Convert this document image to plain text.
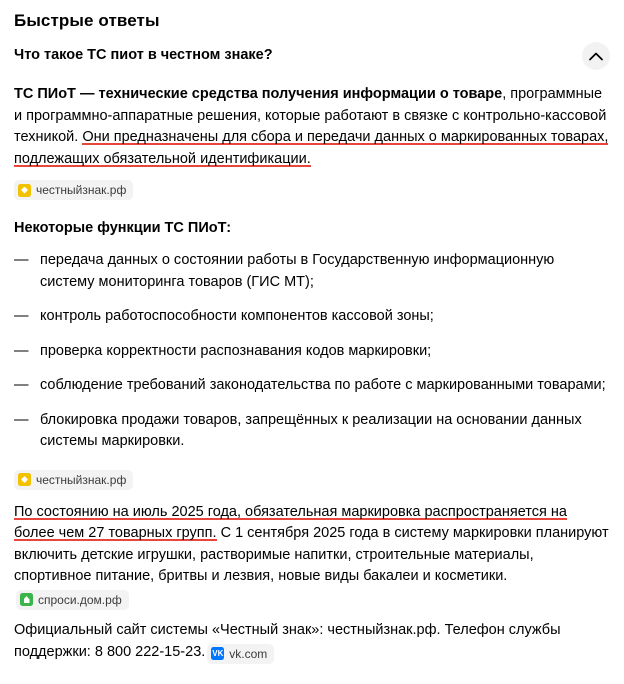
Быстрые ответы
Что такое ТС пиот в честном знаке?

ТС ПИоТ — технические средства получения информации о товаре, программные и программно-аппаратные решения, которые работают в связке с контрольно-кассовой техникой. Они предназначены для сбора и передачи данных о маркированных товарах, подлежащих обязательной идентификации.

честныйзнак.рф
Некоторые функции ТС ПИоТ:
— передача данных о состоянии работы в Государственную информационную систему мониторинга товаров (ГИС МТ);
— контроль работоспособности компонентов кассовой зоны;
— проверка корректности распознавания кодов маркировки;
— соблюдение требований законодательства по работе с маркированными товарами;
— блокировка продажи товаров, запрещённых к реализации на основании данных системы маркировки.
честныйзнак.рф

По состоянию на июль 2025 года, обязательная маркировка распространяется на более чем 27 товарных групп. С 1 сентября 2025 года в систему маркировки планируют включить детские игрушки, растворимые напитки, строительные материалы, спортивное питание, бритвы и лезвия, новые виды бакалеи и косметики.
спроси.дом.рф

Официальный сайт системы «Честный знак»: честныйзнак.рф. Телефон службы поддержки: 8 800 222-15-23. VK vk.com
